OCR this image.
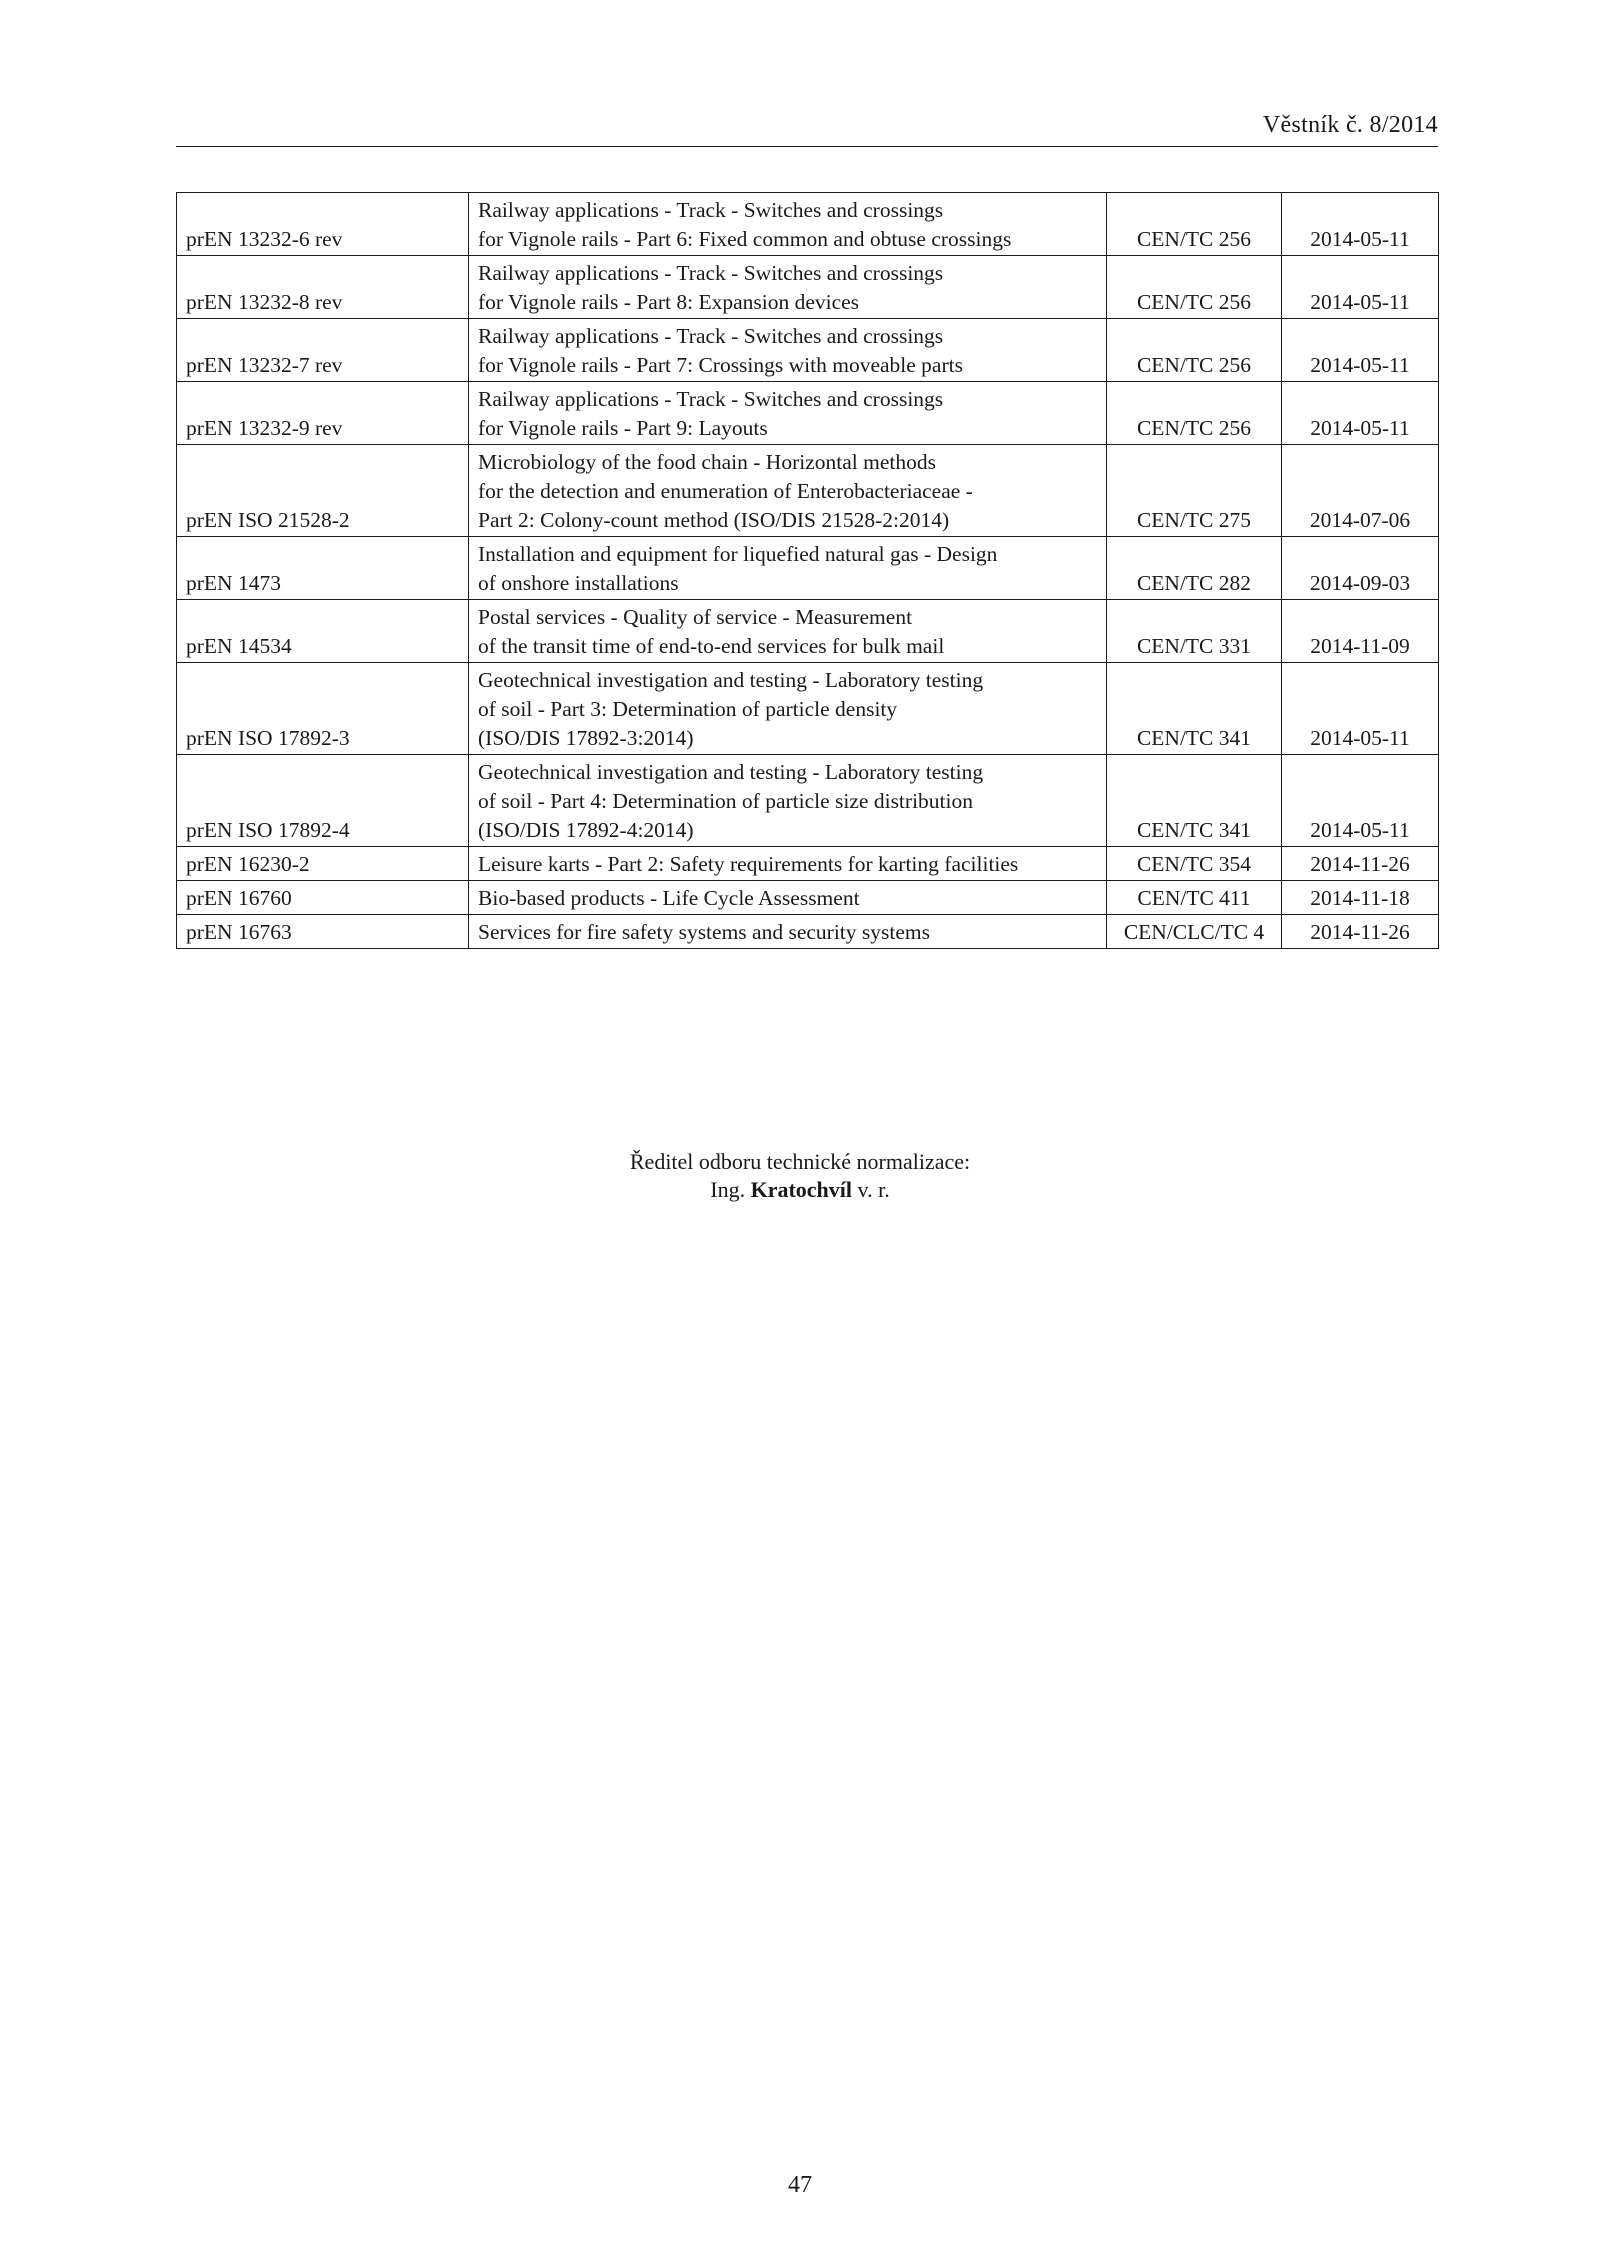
Věstník č. 8/2014
prEN 13232-6 rev	Railway applications - Track - Switches and crossings
for Vignole rails - Part 6: Fixed common and obtuse crossings	CEN/TC 256	2014-05-11
prEN 13232-8 rev	Railway applications - Track - Switches and crossings
for Vignole rails - Part 8: Expansion devices	CEN/TC 256	2014-05-11
prEN 13232-7 rev	Railway applications - Track - Switches and crossings
for Vignole rails - Part 7: Crossings with moveable parts	CEN/TC 256	2014-05-11
prEN 13232-9 rev	Railway applications - Track - Switches and crossings
for Vignole rails - Part 9: Layouts	CEN/TC 256	2014-05-11
prEN ISO 21528-2	Microbiology of the food chain - Horizontal methods
for the detection and enumeration of Enterobacteriaceae -
Part 2: Colony-count method (ISO/DIS 21528-2:2014)	CEN/TC 275	2014-07-06
prEN 1473	Installation and equipment for liquefied natural gas - Design
of onshore installations	CEN/TC 282	2014-09-03
prEN 14534	Postal services - Quality of service - Measurement
of the transit time of end-to-end services for bulk mail	CEN/TC 331	2014-11-09
prEN ISO 17892-3	Geotechnical investigation and testing - Laboratory testing
of soil - Part 3: Determination of particle density
(ISO/DIS 17892-3:2014)	CEN/TC 341	2014-05-11
prEN ISO 17892-4	Geotechnical investigation and testing - Laboratory testing
of soil - Part 4: Determination of particle size distribution
(ISO/DIS 17892-4:2014)	CEN/TC 341	2014-05-11
prEN 16230-2	Leisure karts - Part 2: Safety requirements for karting facilities	CEN/TC 354	2014-11-26
prEN 16760	Bio-based products - Life Cycle Assessment	CEN/TC 411	2014-11-18
prEN 16763	Services for fire safety systems and security systems	CEN/CLC/TC 4	2014-11-26
Ředitel odboru technické normalizace:
Ing. Kratochvíl v. r.
47
